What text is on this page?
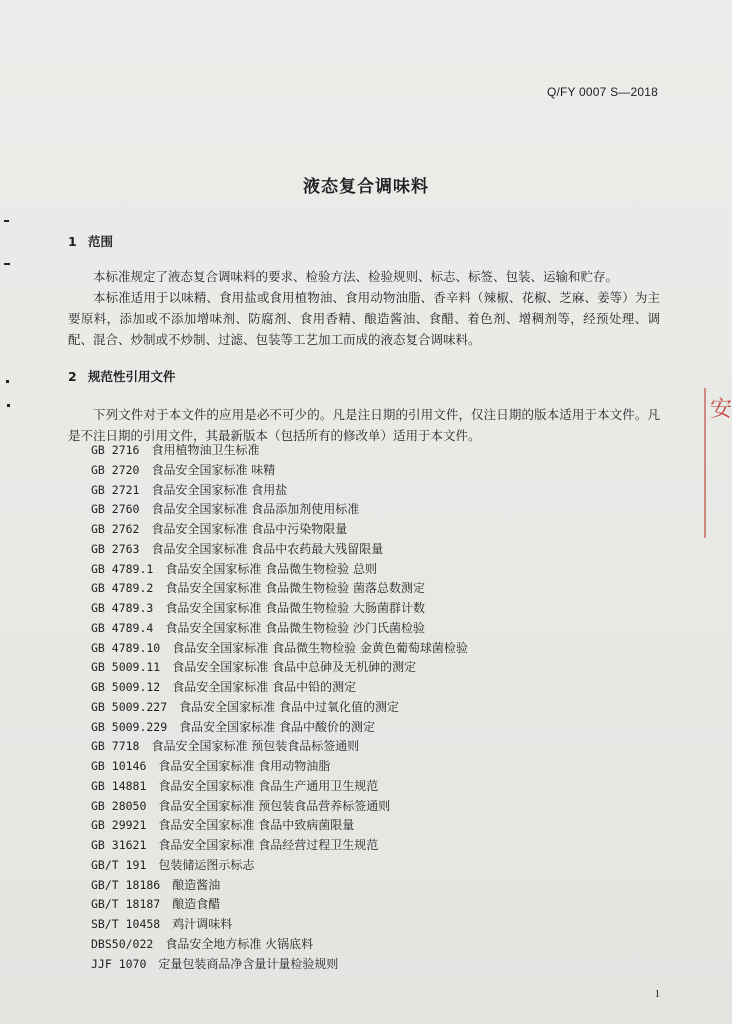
Q/FY 0007 S—2018
液态复合调味料
1 范围
本标准规定了液态复合调味料的要求、检验方法、检验规则、标志、标签、包装、运输和贮存。
本标准适用于以味精、食用盐或食用植物油、食用动物油脂、香辛料（辣椒、花椒、芝麻、姜等）为主要原料，添加或不添加增味剂、防腐剂、食用香精、酿造酱油、食醋、着色剂、增稠剂等，经预处理、调配、混合、炒制或不炒制、过滤、包装等工艺加工而成的液态复合调味料。
2 规范性引用文件
下列文件对于本文件的应用是必不可少的。凡是注日期的引用文件，仅注日期的版本适用于本文件。凡是不注日期的引用文件，其最新版本（包括所有的修改单）适用于本文件。
GB 2716 食用植物油卫生标准
GB 2720 食品安全国家标准 味精
GB 2721 食品安全国家标准 食用盐
GB 2760 食品安全国家标准 食品添加剂使用标准
GB 2762 食品安全国家标准 食品中污染物限量
GB 2763 食品安全国家标准 食品中农药最大残留限量
GB 4789.1 食品安全国家标准 食品微生物检验 总则
GB 4789.2 食品安全国家标准 食品微生物检验 菌落总数测定
GB 4789.3 食品安全国家标准 食品微生物检验 大肠菌群计数
GB 4789.4 食品安全国家标准 食品微生物检验 沙门氏菌检验
GB 4789.10 食品安全国家标准 食品微生物检验 金黄色葡萄球菌检验
GB 5009.11 食品安全国家标准 食品中总砷及无机砷的测定
GB 5009.12 食品安全国家标准 食品中铅的测定
GB 5009.227 食品安全国家标准 食品中过氧化值的测定
GB 5009.229 食品安全国家标准 食品中酸价的测定
GB 7718 食品安全国家标准 预包装食品标签通则
GB 10146 食品安全国家标准 食用动物油脂
GB 14881 食品安全国家标准 食品生产通用卫生规范
GB 28050 食品安全国家标准 预包装食品营养标签通则
GB 29921 食品安全国家标准 食品中致病菌限量
GB 31621 食品安全国家标准 食品经营过程卫生规范
GB/T 191 包装储运图示标志
GB/T 18186 酿造酱油
GB/T 18187 酿造食醋
SB/T 10458 鸡汁调味料
DBS50/022 食品安全地方标准 火锅底料
JJF 1070 定量包装商品净含量计量检验规则
1
安
